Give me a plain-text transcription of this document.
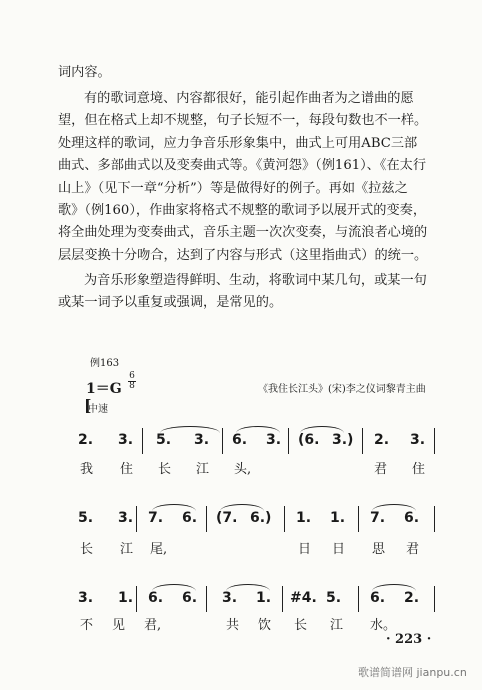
词内容。
有的歌词意境、内容都很好，能引起作曲者为之谱曲的愿
望，但在格式上却不规整，句子长短不一，每段句数也不一样。
处理这样的歌词，应力争音乐形象集中，曲式上可用ABC三部
曲式、多部曲式以及变奏曲式等。《黄河怨》（例161）、《在太行
山上》（见下一章“分析”）等是做得好的例子。再如《拉兹之
歌》（例160），作曲家将格式不规整的歌词予以展开式的变奏，
将全曲处理为变奏曲式，音乐主题一次次变奏，与流浪者心境的
层层变换十分吻合，达到了内容与形式（这里指曲式）的统一。
为音乐形象塑造得鲜明、生动，将歌词中某几句，或某一句
或某一词予以重复或强调，是常见的。
例163
1＝G
6
8	《我住长江头》(宋)李之仪词黎青主曲
中速
[
2. 3. 5. 3. 6. 3. (6. 3.) 2. 3.
我 住 长 江 头,	君 住
5. 3. 7. 6. (7. 6.) 1. 1. 7. 6.
长 江 尾,	日 日 思 君
3. 1. 6. 6. 3. 1. #4. 5. 6. 2.
不 见 君,	共 饮 长 江 水。
· 223 ·
歌谱简谱网 jianpu.cn
